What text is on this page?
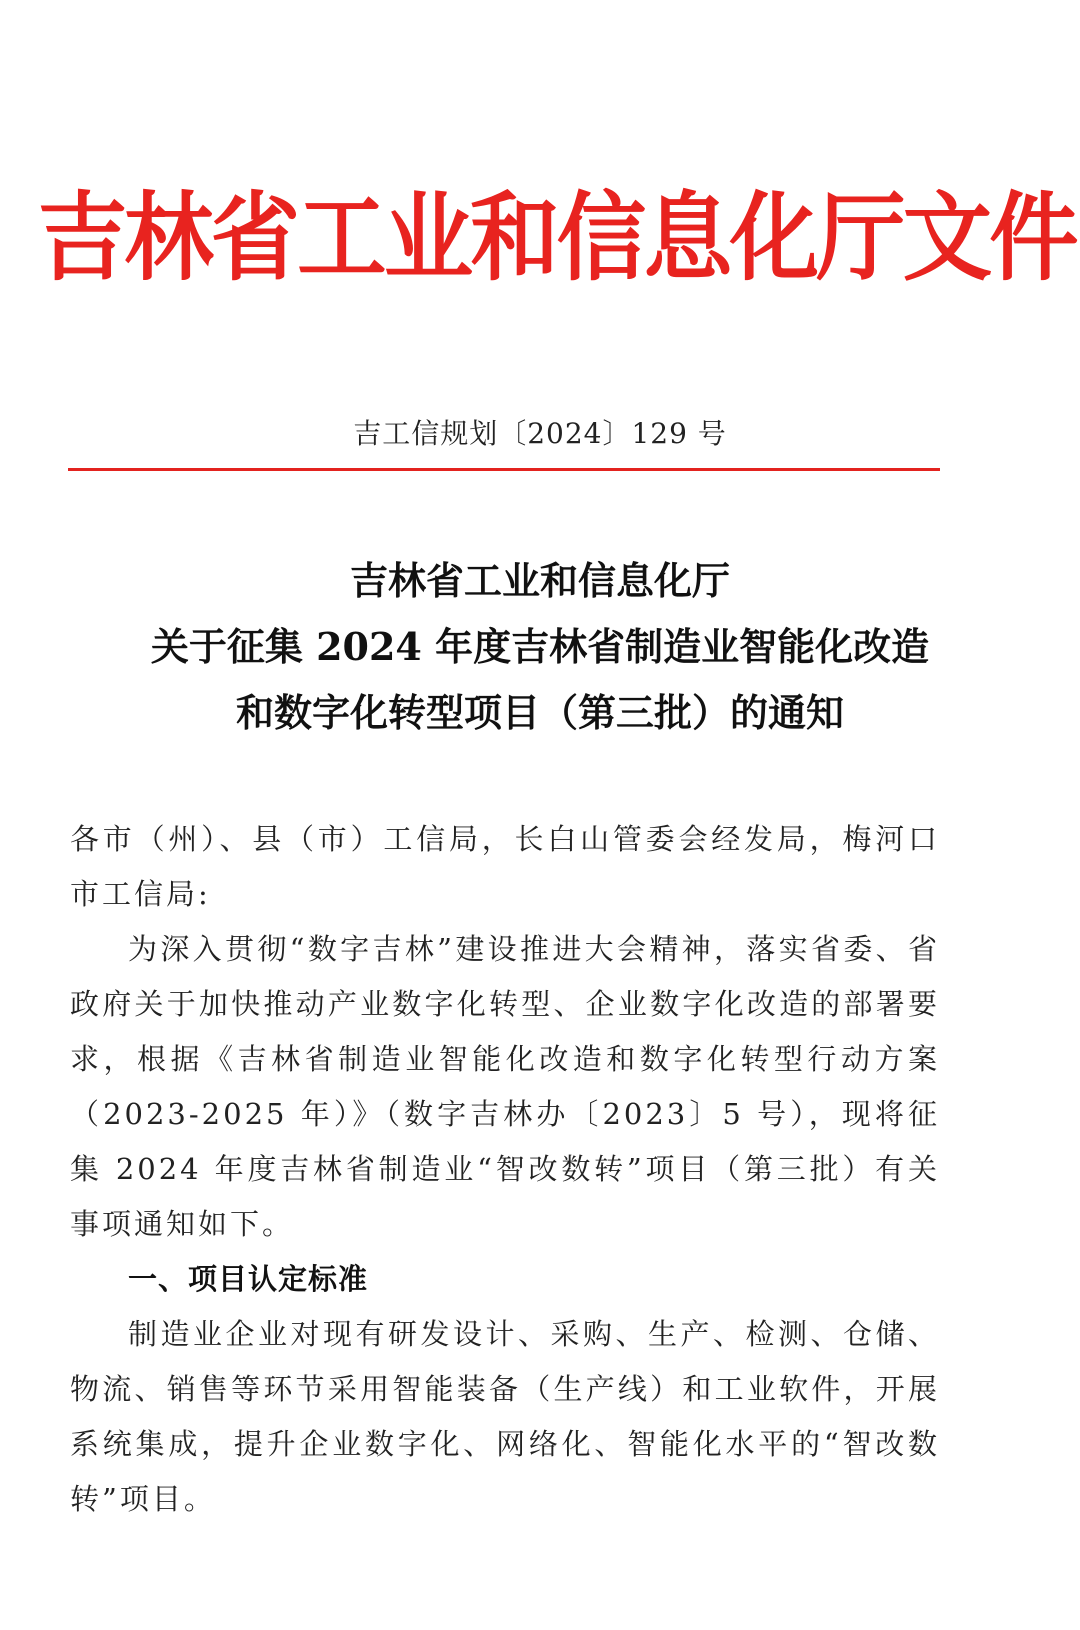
吉林省工业和信息化厅文件
吉工信规划〔2024〕129 号
吉林省工业和信息化厅
关于征集 2024 年度吉林省制造业智能化改造
和数字化转型项目（第三批）的通知

各市（州）、县（市）工信局，长白山管委会经发局，梅河口市工信局:

为深入贯彻“数字吉林”建设推进大会精神，落实省委、省政府关于加快推动产业数字化转型、企业数字化改造的部署要求，根据《吉林省制造业智能化改造和数字化转型行动方案（2023-2025 年）》（数字吉林办〔2023〕5 号），现将征集 2024 年度吉林省制造业“智改数转”项目（第三批）有关事项通知如下。

一、项目认定标准

制造业企业对现有研发设计、采购、生产、检测、仓储、物流、销售等环节采用智能装备（生产线）和工业软件，开展系统集成，提升企业数字化、网络化、智能化水平的“智改数转”项目。
